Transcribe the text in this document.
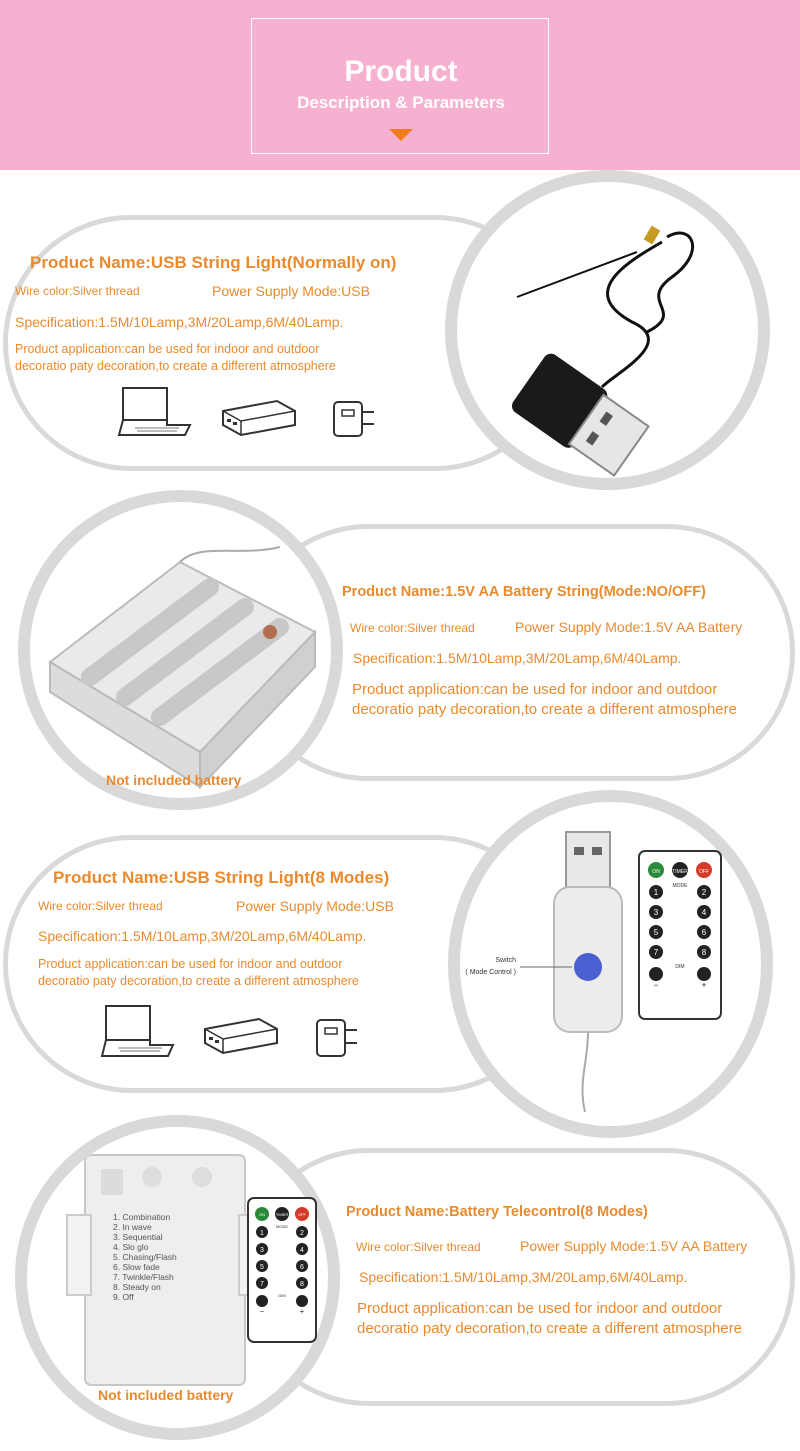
Product
Description & Parameters
Product Name:USB String Light(Normally on)
Wire color:Silver thread	Power Supply Mode:USB
Specification:1.5M/10Lamp,3M/20Lamp,6M/40Lamp.
Product application:can be used for indoor and outdoor
decoratio paty decoration,to create a different atmosphere
Not included battery
Product Name:1.5V AA Battery String(Mode:NO/OFF)
Wire color:Silver thread	Power Supply Mode:1.5V AA Battery
Specification:1.5M/10Lamp,3M/20Lamp,6M/40Lamp.
Product application:can be used for indoor and outdoor
decoratio paty decoration,to create a different atmosphere
Product Name:USB String Light(8 Modes)
Wire color:Silver thread	Power Supply Mode:USB
Specification:1.5M/10Lamp,3M/20Lamp,6M/40Lamp.
Product application:can be used for indoor and outdoor
decoratio paty decoration,to create a different atmosphere
Switch
( Mode Control )
ON TIMER OFF
MODE
1	2
3	4
5	6
7	8
DIM
−	+
1. Combination
2. In wave
3. Sequential
4. Slo glo
5. Chasing/Flash
6. Slow fade
7. Twinkle/Flash
8. Steady on
9. Off
ON	TIMER OFF
MODE
1	2
3	4
5	6
7	8
DIM
−	+
Not included battery
Product Name:Battery Telecontrol(8 Modes)
Wire color:Silver thread	Power Supply Mode:1.5V AA Battery
Specification:1.5M/10Lamp,3M/20Lamp,6M/40Lamp.
Product application:can be used for indoor and outdoor
decoratio paty decoration,to create a different atmosphere
